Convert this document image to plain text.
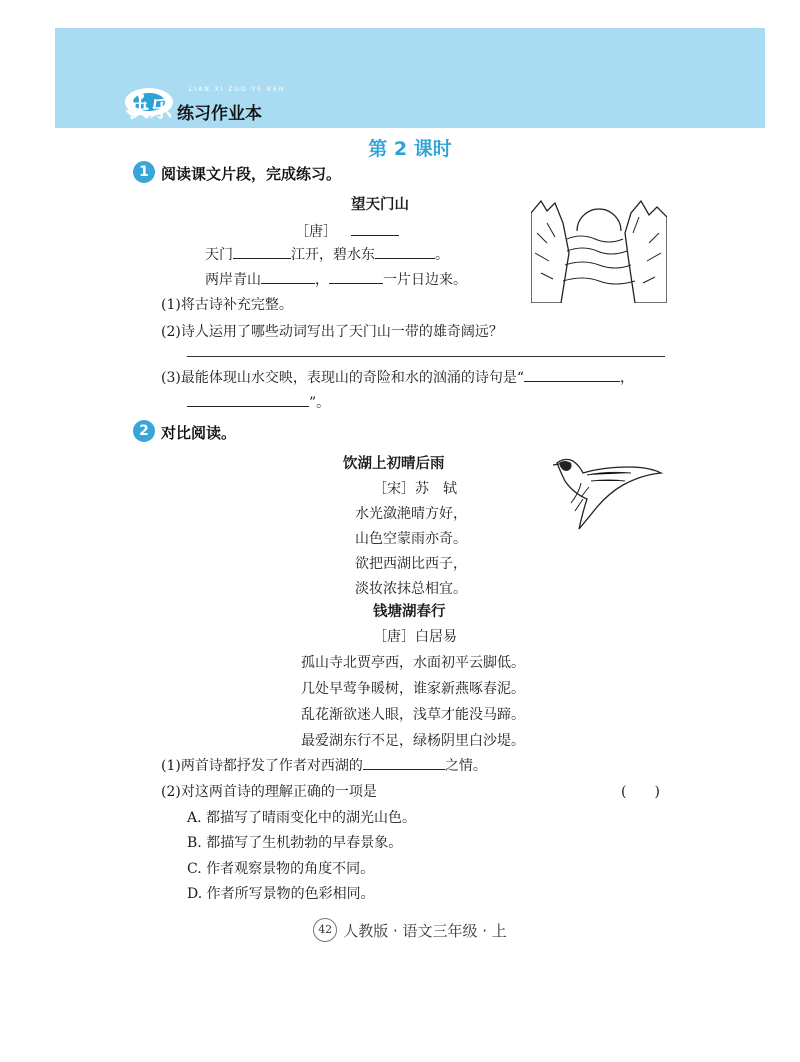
LIAN XI ZUO YE BEN
快乐 练习作业本
第 2 课时
1 阅读课文片段，完成练习。
望天门山
［唐］
天门	江开，碧水东	。
两岸青山	，	一片日边来。
(1)将古诗补充完整。
(2)诗人运用了哪些动词写出了天门山一带的雄奇阔远？
(3)最能体现山水交映，表现山的奇险和水的汹涌的诗句是“	，
”。
2 对比阅读。
饮湖上初晴后雨
［宋］苏　轼
水光潋滟晴方好，
山色空蒙雨亦奇。
欲把西湖比西子，
淡妆浓抹总相宜。
钱塘湖春行
［唐］白居易
孤山寺北贾亭西，水面初平云脚低。
几处早莺争暖树，谁家新燕啄春泥。
乱花渐欲迷人眼，浅草才能没马蹄。
最爱湖东行不足，绿杨阴里白沙堤。
(1)两首诗都抒发了作者对西湖的	之情。
(2)对这两首诗的理解正确的一项是	(　　)
A. 都描写了晴雨变化中的湖光山色。
B. 都描写了生机勃勃的早春景象。
C. 作者观察景物的角度不同。
D. 作者所写景物的色彩相同。
42 人教版 · 语文三年级 · 上
